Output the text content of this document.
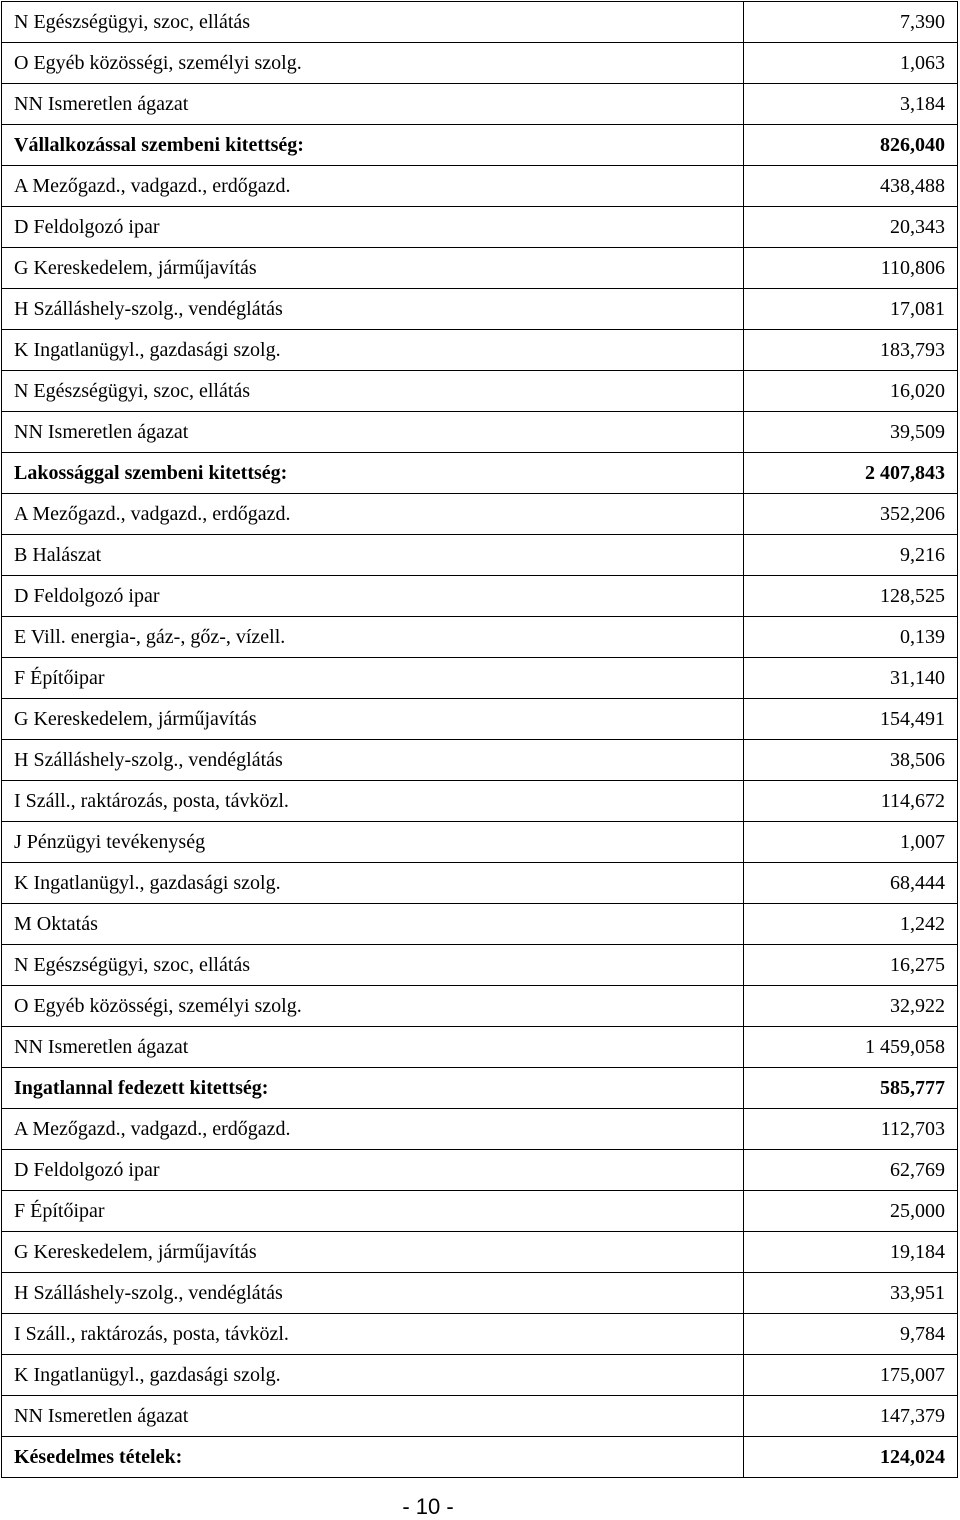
N Egészségügyi, szoc, ellátás	7,390
O Egyéb közösségi, személyi szolg.	1,063
NN Ismeretlen ágazat	3,184
Vállalkozással szembeni kitettség:	826,040
A Mezőgazd., vadgazd., erdőgazd.	438,488
D Feldolgozó ipar	20,343
G Kereskedelem, járműjavítás	110,806
H Szálláshely-szolg., vendéglátás	17,081
K Ingatlanügyl., gazdasági szolg.	183,793
N Egészségügyi, szoc, ellátás	16,020
NN Ismeretlen ágazat	39,509
Lakossággal szembeni kitettség:	2 407,843
A Mezőgazd., vadgazd., erdőgazd.	352,206
B Halászat	9,216
D Feldolgozó ipar	128,525
E Vill. energia-, gáz-, gőz-, vízell.	0,139
F Építőipar	31,140
G Kereskedelem, járműjavítás	154,491
H Szálláshely-szolg., vendéglátás	38,506
I Száll., raktározás, posta, távközl.	114,672
J Pénzügyi tevékenység	1,007
K Ingatlanügyl., gazdasági szolg.	68,444
M Oktatás	1,242
N Egészségügyi, szoc, ellátás	16,275
O Egyéb közösségi, személyi szolg.	32,922
NN Ismeretlen ágazat	1 459,058
Ingatlannal fedezett kitettség:	585,777
A Mezőgazd., vadgazd., erdőgazd.	112,703
D Feldolgozó ipar	62,769
F Építőipar	25,000
G Kereskedelem, járműjavítás	19,184
H Szálláshely-szolg., vendéglátás	33,951
I Száll., raktározás, posta, távközl.	9,784
K Ingatlanügyl., gazdasági szolg.	175,007
NN Ismeretlen ágazat	147,379
Késedelmes tételek:	124,024
- 10 -
